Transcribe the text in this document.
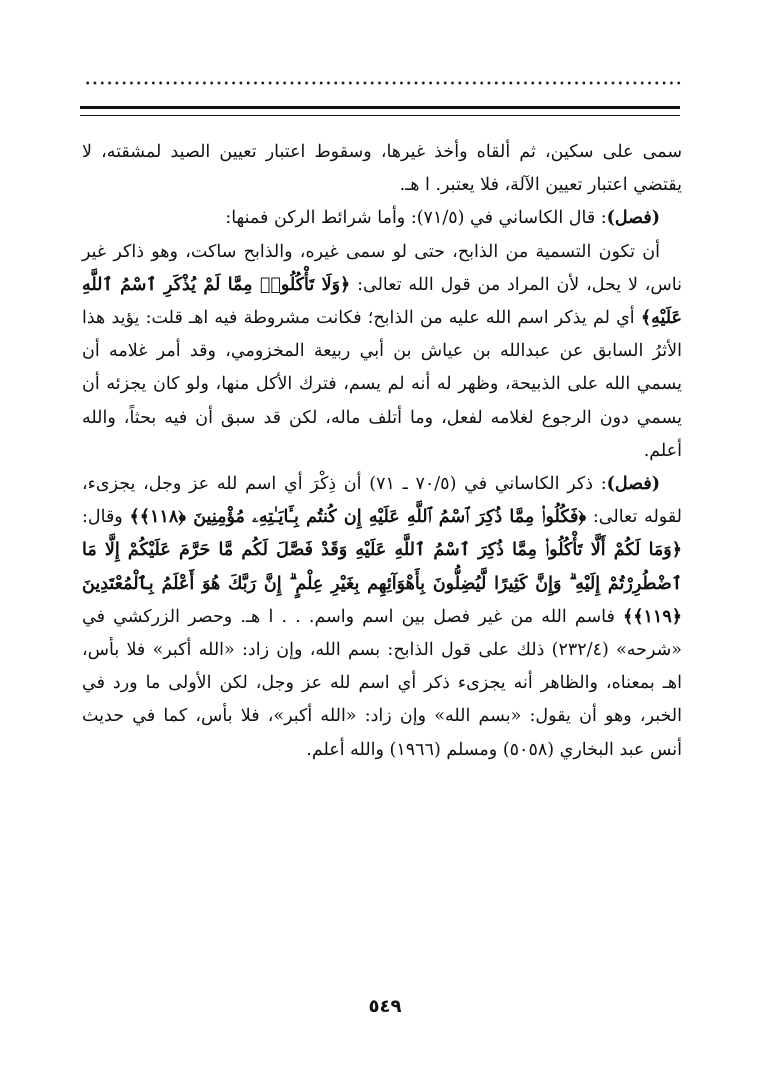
سمى على سكين، ثم ألقاه وأخذ غيرها، وسقوط اعتبار تعيين الصيد لمشقته، لا يقتضي اعتبار تعيين الآلة، فلا يعتبر. ا هـ.

(فصل): قال الكاساني في (٧١/٥): وأما شرائط الركن فمنها:

أن تكون التسمية من الذابح، حتى لو سمى غيره، والذابح ساكت، وهو ذاكر غير ناس، لا يحل، لأن المراد من قول الله تعالى: ﴿وَلَا تَأْكُلُوا۟ مِمَّا لَمْ يُذْكَرِ ٱسْمُ ٱللَّهِ عَلَيْهِ﴾ أي لم يذكر اسم الله عليه من الذابح؛ فكانت مشروطة فيه اهـ قلت: يؤيد هذا الأثرُ السابق عن عبدالله بن عياش بن أبي ربيعة المخزومي، وقد أمر غلامه أن يسمي الله على الذبيحة، وظهر له أنه لم يسم، فترك الأكل منها، ولو كان يجزئه أن يسمي دون الرجوع لغلامه لفعل، وما أتلف ماله، لكن قد سبق أن فيه بحثاً، والله أعلم.

(فصل): ذكر الكاساني في (٧٠/٥ ـ ٧١) أن ذِكْرَ أي اسم لله عز وجل، يجزىء، لقوله تعالى: ﴿فَكُلُوا۟ مِمَّا ذُكِرَ ٱسْمُ ٱللَّهِ عَلَيْهِ إِن كُنتُم بِـَٔايَـٰتِهِۦ مُؤْمِنِينَ ﴿١١٨﴾﴾ وقال: ﴿وَمَا لَكُمْ أَلَّا تَأْكُلُوا۟ مِمَّا ذُكِرَ ٱسْمُ ٱللَّهِ عَلَيْهِ وَقَدْ فَصَّلَ لَكُم مَّا حَرَّمَ عَلَيْكُمْ إِلَّا مَا ٱضْطُرِرْتُمْ إِلَيْهِ ۗ وَإِنَّ كَثِيرًا لَّيُضِلُّونَ بِأَهْوَآئِهِم بِغَيْرِ عِلْمٍ ۗ إِنَّ رَبَّكَ هُوَ أَعْلَمُ بِٱلْمُعْتَدِينَ ﴿١١٩﴾﴾ فاسم الله من غير فصل بين اسم واسم. . . ا هـ. وحصر الزركشي في «شرحه» (٢٣٢/٤) ذلك على قول الذابح: بسم الله، وإن زاد: «الله أكبر» فلا بأس، اهـ بمعناه، والظاهر أنه يجزىء ذكر أي اسم لله عز وجل، لكن الأولى ما ورد في الخبر، وهو أن يقول: «بسم الله» وإن زاد: «الله أكبر»، فلا بأس، كما في حديث أنس عبد البخاري (٥٠٥٨) ومسلم (١٩٦٦) والله أعلم.

٥٤٩
